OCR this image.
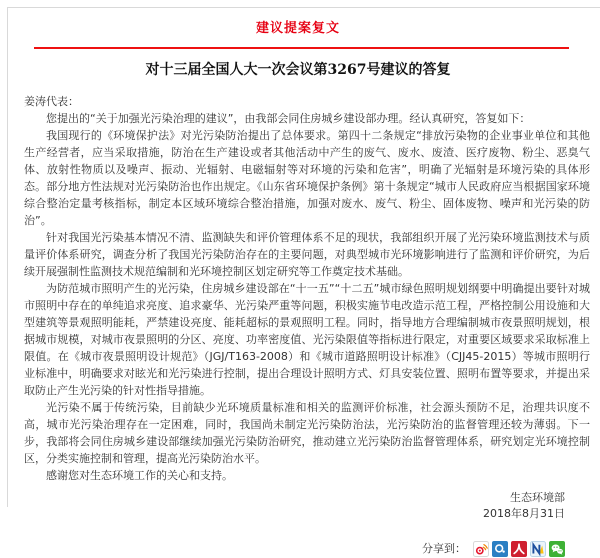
建议提案复文
对十三届全国人大一次会议第3267号建议的答复

姜涛代表：

您提出的“关于加强光污染治理的建议”，由我部会同住房城乡建设部办理。经认真研究，答复如下：

我国现行的《环境保护法》对光污染防治提出了总体要求。第四十二条规定“排放污染物的企业事业单位和其他生产经营者，应当采取措施，防治在生产建设或者其他活动中产生的废气、废水、废渣、医疗废物、粉尘、恶臭气体、放射性物质以及噪声、振动、光辐射、电磁辐射等对环境的污染和危害”，明确了光辐射是环境污染的具体形态。部分地方性法规对光污染防治也作出规定。《山东省环境保护条例》第十条规定“城市人民政府应当根据国家环境综合整治定量考核指标，制定本区域环境综合整治措施，加强对废水、废气、粉尘、固体废物、噪声和光污染的防治”。

针对我国光污染基本情况不清、监测缺失和评价管理体系不足的现状，我部组织开展了光污染环境监测技术与质量评价体系研究，调查分析了我国光污染防治存在的主要问题，对典型城市光环境影响进行了监测和评价研究，为后续开展强制性监测技术规范编制和光环境控制区划定研究等工作奠定技术基础。

为防范城市照明产生的光污染，住房城乡建设部在“十一五”“十二五”城市绿色照明规划纲要中明确提出要针对城市照明中存在的单纯追求亮度、追求豪华、光污染严重等问题，积极实施节电改造示范工程，严格控制公用设施和大型建筑等景观照明能耗，严禁建设亮度、能耗超标的景观照明工程。同时，指导地方合理编制城市夜景照明规划，根据城市规模，对城市夜景照明的分区、亮度、功率密度值、光污染限值等指标进行限定，对重要区域要求采取标准上限值。在《城市夜景照明设计规范》（JGJ/T163-2008）和《城市道路照明设计标准》（CJJ45-2015）等城市照明行业标准中，明确要求对眩光和光污染进行控制，提出合理设计照明方式、灯具安装位置、照明布置等要求，并提出采取防止产生光污染的针对性指导措施。

光污染不属于传统污染，目前缺少光环境质量标准和相关的监测评价标准，社会源头预防不足，治理共识度不高，城市光污染治理存在一定困难，同时，我国尚未制定光污染防治法，光污染防治的监督管理还较为薄弱。下一步，我部将会同住房城乡建设部继续加强光污染防治研究，推动建立光污染防治监督管理体系，研究划定光环境控制区，分类实施控制和管理，提高光污染防治水平。

感谢您对生态环境工作的关心和支持。

生态环境部
2018年8月31日
分享到：
